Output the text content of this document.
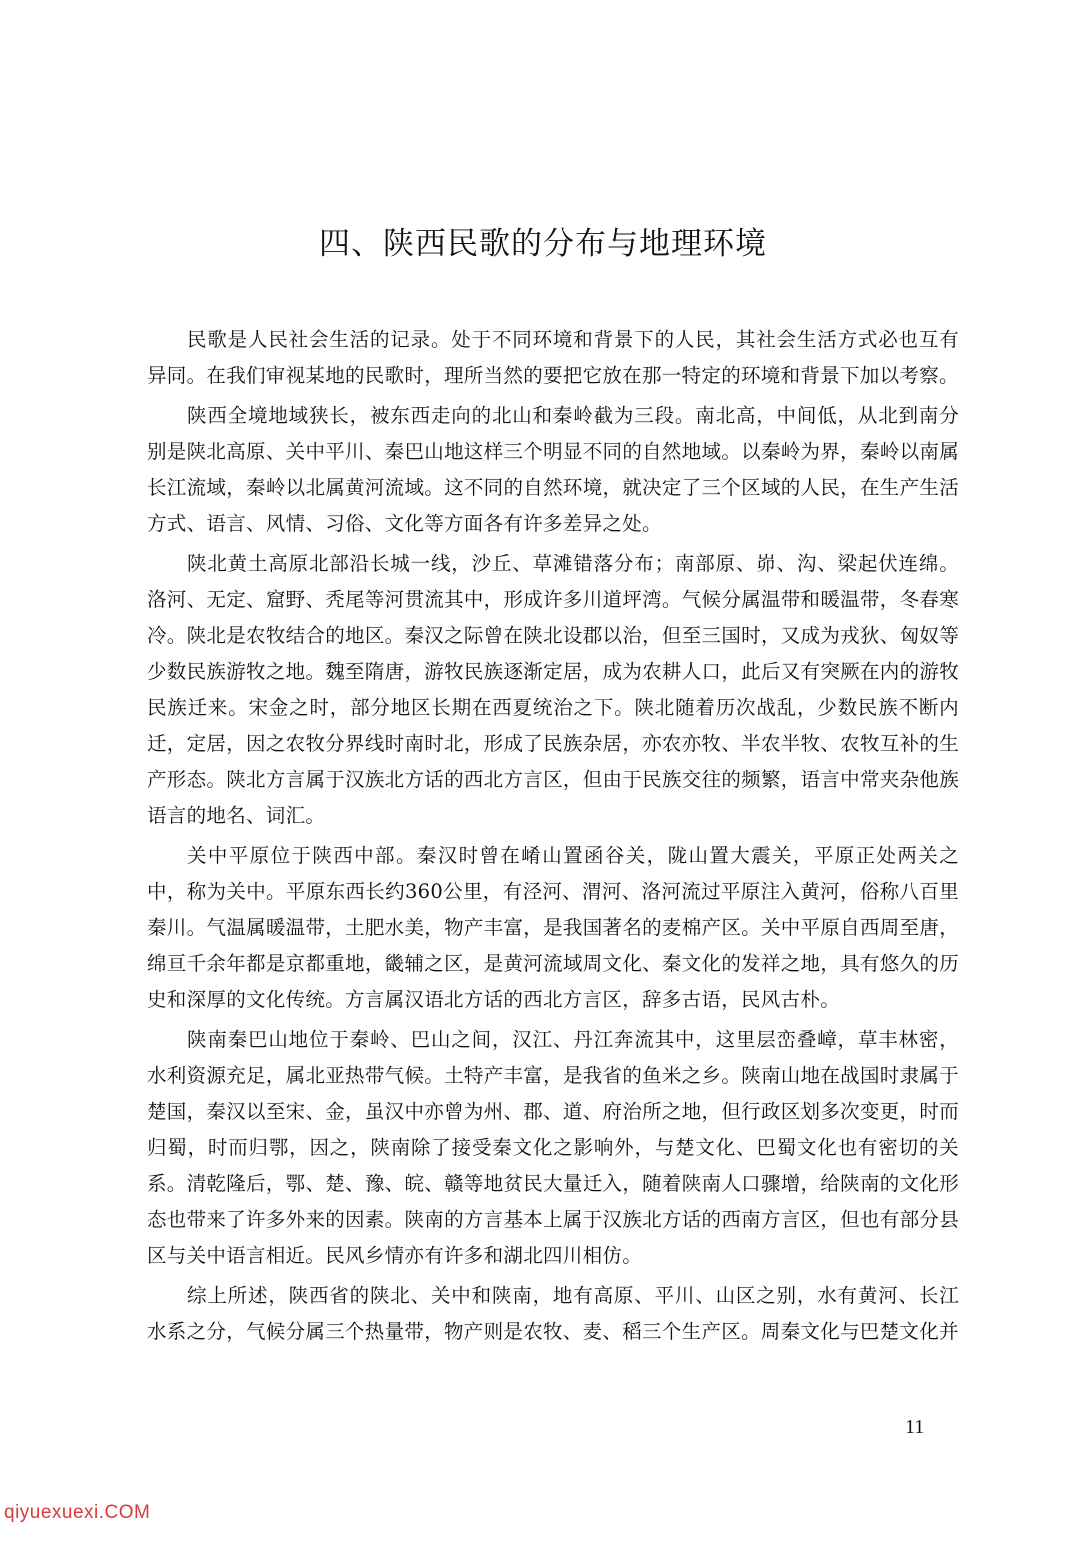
四、陕西民歌的分布与地理环境

民歌是人民社会生活的记录。处于不同环境和背景下的人民，其社会生活方式必也互有异同。在我们审视某地的民歌时，理所当然的要把它放在那一特定的环境和背景下加以考察。

陕西全境地域狭长，被东西走向的北山和秦岭截为三段。南北高，中间低，从北到南分别是陕北高原、关中平川、秦巴山地这样三个明显不同的自然地域。以秦岭为界，秦岭以南属长江流域，秦岭以北属黄河流域。这不同的自然环境，就决定了三个区域的人民，在生产生活方式、语言、风情、习俗、文化等方面各有许多差异之处。

陕北黄土高原北部沿长城一线，沙丘、草滩错落分布；南部原、峁、沟、梁起伏连绵。洛河、无定、窟野、秃尾等河贯流其中，形成许多川道坪湾。气候分属温带和暖温带，冬春寒冷。陕北是农牧结合的地区。秦汉之际曾在陕北设郡以治，但至三国时，又成为戎狄、匈奴等少数民族游牧之地。魏至隋唐，游牧民族逐渐定居，成为农耕人口，此后又有突厥在内的游牧民族迁来。宋金之时，部分地区长期在西夏统治之下。陕北随着历次战乱，少数民族不断内迁，定居，因之农牧分界线时南时北，形成了民族杂居，亦农亦牧、半农半牧、农牧互补的生产形态。陕北方言属于汉族北方话的西北方言区，但由于民族交往的频繁，语言中常夹杂他族语言的地名、词汇。

关中平原位于陕西中部。秦汉时曾在崤山置函谷关，陇山置大震关，平原正处两关之中，称为关中。平原东西长约360公里，有泾河、渭河、洛河流过平原注入黄河，俗称八百里秦川。气温属暖温带，土肥水美，物产丰富，是我国著名的麦棉产区。关中平原自西周至唐，绵亘千余年都是京都重地，畿辅之区，是黄河流域周文化、秦文化的发祥之地，具有悠久的历史和深厚的文化传统。方言属汉语北方话的西北方言区，辞多古语，民风古朴。

陕南秦巴山地位于秦岭、巴山之间，汉江、丹江奔流其中，这里层峦叠嶂，草丰林密，水利资源充足，属北亚热带气候。土特产丰富，是我省的鱼米之乡。陕南山地在战国时隶属于楚国，秦汉以至宋、金，虽汉中亦曾为州、郡、道、府治所之地，但行政区划多次变更，时而归蜀，时而归鄂，因之，陕南除了接受秦文化之影响外，与楚文化、巴蜀文化也有密切的关系。清乾隆后，鄂、楚、豫、皖、赣等地贫民大量迁入，随着陕南人口骤增，给陕南的文化形态也带来了许多外来的因素。陕南的方言基本上属于汉族北方话的西南方言区，但也有部分县区与关中语言相近。民风乡情亦有许多和湖北四川相仿。

综上所述，陕西省的陕北、关中和陕南，地有高原、平川、山区之别，水有黄河、长江水系之分，气候分属三个热量带，物产则是农牧、麦、稻三个生产区。周秦文化与巴楚文化并

11
qiyuexuexi.COM
